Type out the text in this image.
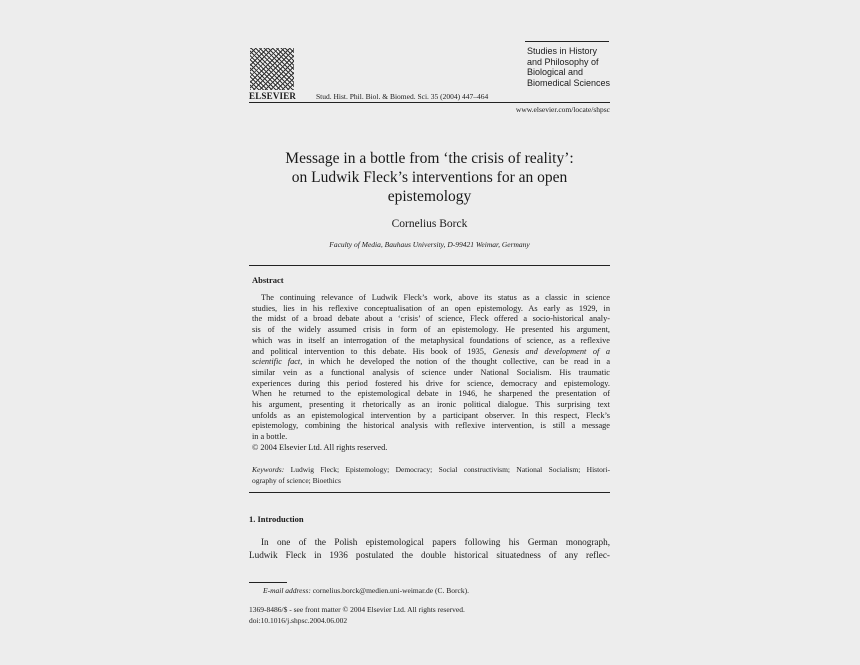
ELSEVIER	Stud. Hist. Phil. Biol. & Biomed. Sci. 35 (2004) 447–464
Studies in History
and Philosophy of
Biological and
Biomedical Sciences
www.elsevier.com/locate/shpsc
Message in a bottle from ‘the crisis of reality’:
on Ludwik Fleck’s interventions for an open
epistemology
Cornelius Borck
Faculty of Media, Bauhaus University, D-99421 Weimar, Germany
Abstract
The continuing relevance of Ludwik Fleck’s work, above its status as a classic in science
studies, lies in his reflexive conceptualisation of an open epistemology. As early as 1929, in
the midst of a broad debate about a ‘crisis’ of science, Fleck offered a socio-historical analy-
sis of the widely assumed crisis in form of an epistemology. He presented his argument,
which was in itself an interrogation of the metaphysical foundations of science, as a reflexive
and political intervention to this debate. His book of 1935, Genesis and development of a
scientific fact, in which he developed the notion of the thought collective, can be read in a
similar vein as a functional analysis of science under National Socialism. His traumatic
experiences during this period fostered his drive for science, democracy and epistemology.
When he returned to the epistemological debate in 1946, he sharpened the presentation of
his argument, presenting it rhetorically as an ironic political dialogue. This surprising text
unfolds as an epistemological intervention by a participant observer. In this respect, Fleck’s
epistemology, combining the historical analysis with reflexive intervention, is still a message
in a bottle.
© 2004 Elsevier Ltd. All rights reserved.
Keywords: Ludwig Fleck; Epistemology; Democracy; Social constructivism; National Socialism; Histori-
ography of science; Bioethics
1. Introduction
In one of the Polish epistemological papers following his German monograph,
Ludwik Fleck in 1936 postulated the double historical situatedness of any reflec-
E-mail address: cornelius.borck@medien.uni-weimar.de (C. Borck).
1369-8486/$ - see front matter © 2004 Elsevier Ltd. All rights reserved.
doi:10.1016/j.shpsc.2004.06.002
